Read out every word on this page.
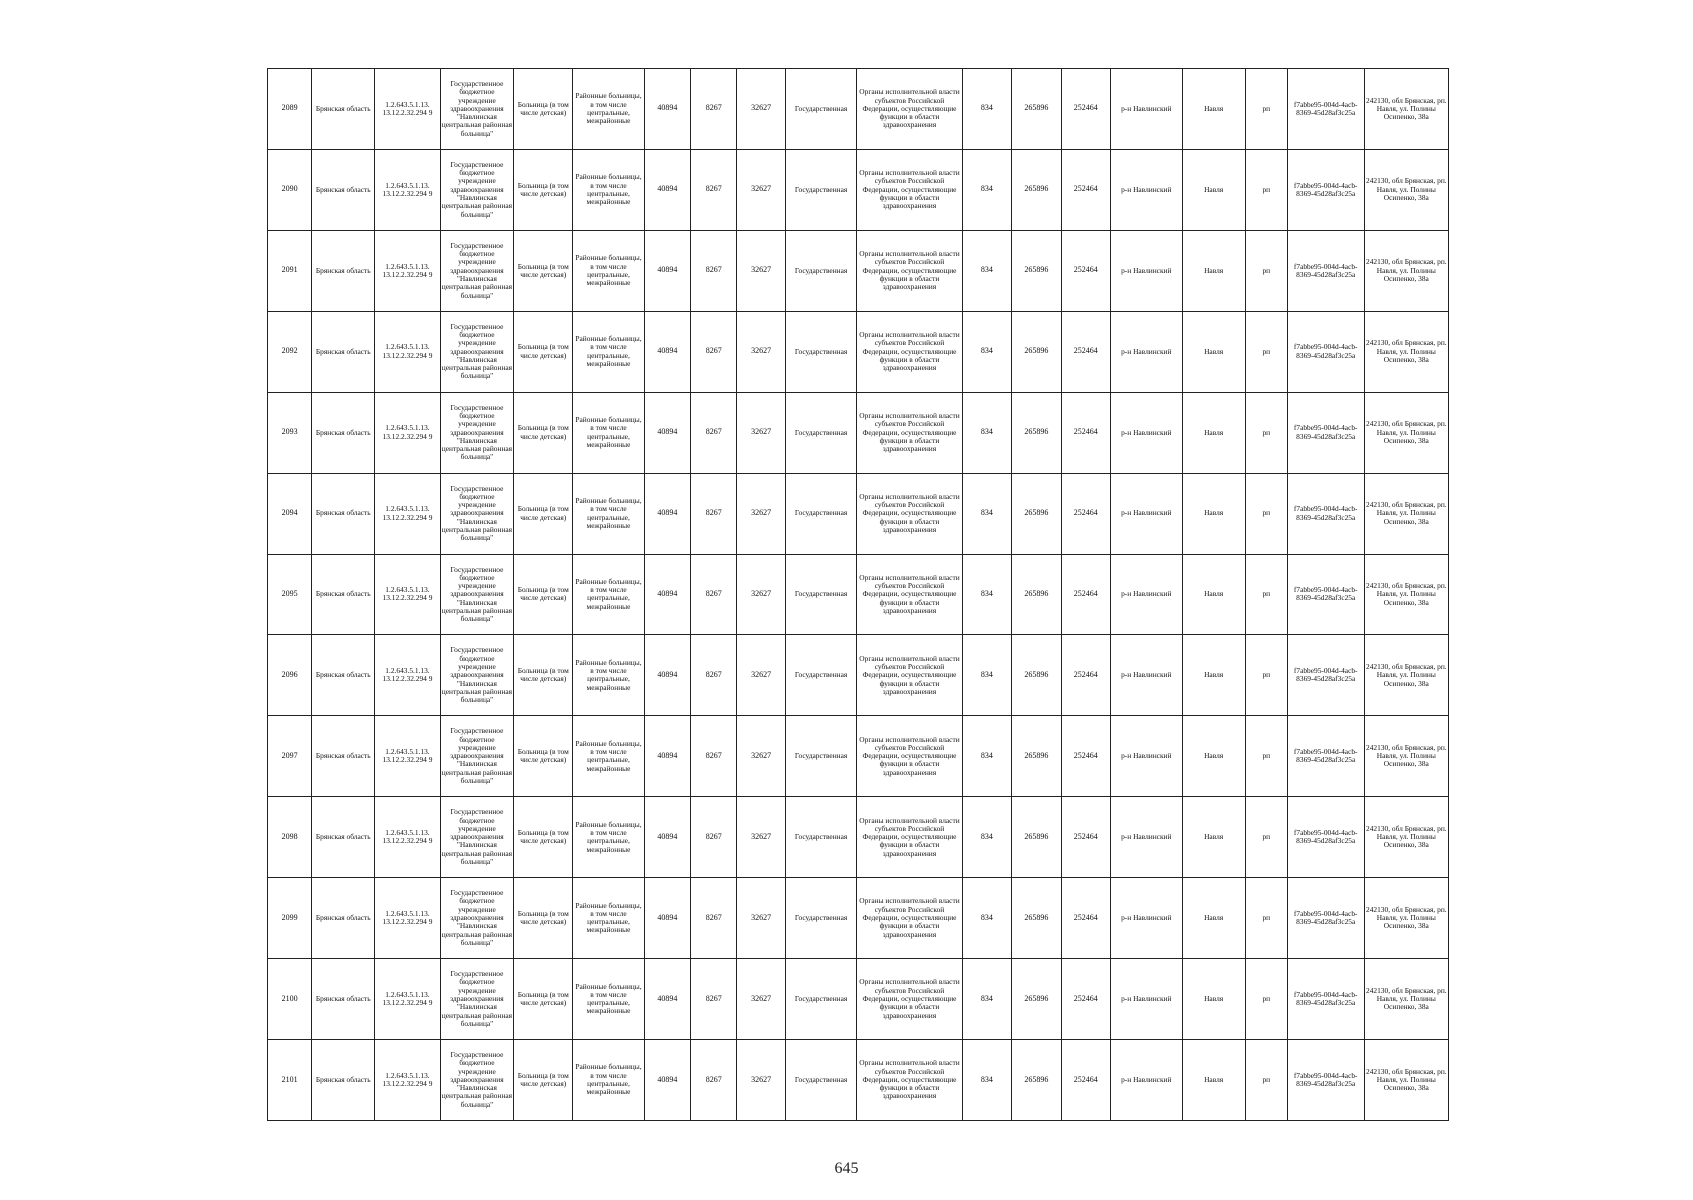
2089	Брянская область	1.2.643.5.1.13. 13.12.2.32.294 9	Государственное бюджетное учреждение здравоохранения "Навлинская центральная районная больница"	Больница (в том числе детская)	Районные больницы, в том числе центральные, межрайонные	40894	8267	32627	Государственная	Органы исполнительной власти субъектов Российской Федерации, осуществляющие функции в области здравоохранения	834	265896	252464	р-н Навлинский	Навля	рп	f7abbe95-004d-4acb-8369-45d28af3c25a	242130, обл Брянская, рп. Навля, ул. Полины Осипенко, 38а
2090	Брянская область	1.2.643.5.1.13. 13.12.2.32.294 9	Государственное бюджетное учреждение здравоохранения "Навлинская центральная районная больница"	Больница (в том числе детская)	Районные больницы, в том числе центральные, межрайонные	40894	8267	32627	Государственная	Органы исполнительной власти субъектов Российской Федерации, осуществляющие функции в области здравоохранения	834	265896	252464	р-н Навлинский	Навля	рп	f7abbe95-004d-4acb-8369-45d28af3c25a	242130, обл Брянская, рп. Навля, ул. Полины Осипенко, 38а
2091	Брянская область	1.2.643.5.1.13. 13.12.2.32.294 9	Государственное бюджетное учреждение здравоохранения "Навлинская центральная районная больница"	Больница (в том числе детская)	Районные больницы, в том числе центральные, межрайонные	40894	8267	32627	Государственная	Органы исполнительной власти субъектов Российской Федерации, осуществляющие функции в области здравоохранения	834	265896	252464	р-н Навлинский	Навля	рп	f7abbe95-004d-4acb-8369-45d28af3c25a	242130, обл Брянская, рп. Навля, ул. Полины Осипенко, 38а
2092	Брянская область	1.2.643.5.1.13. 13.12.2.32.294 9	Государственное бюджетное учреждение здравоохранения "Навлинская центральная районная больница"	Больница (в том числе детская)	Районные больницы, в том числе центральные, межрайонные	40894	8267	32627	Государственная	Органы исполнительной власти субъектов Российской Федерации, осуществляющие функции в области здравоохранения	834	265896	252464	р-н Навлинский	Навля	рп	f7abbe95-004d-4acb-8369-45d28af3c25a	242130, обл Брянская, рп. Навля, ул. Полины Осипенко, 38а
2093	Брянская область	1.2.643.5.1.13. 13.12.2.32.294 9	Государственное бюджетное учреждение здравоохранения "Навлинская центральная районная больница"	Больница (в том числе детская)	Районные больницы, в том числе центральные, межрайонные	40894	8267	32627	Государственная	Органы исполнительной власти субъектов Российской Федерации, осуществляющие функции в области здравоохранения	834	265896	252464	р-н Навлинский	Навля	рп	f7abbe95-004d-4acb-8369-45d28af3c25a	242130, обл Брянская, рп. Навля, ул. Полины Осипенко, 38а
2094	Брянская область	1.2.643.5.1.13. 13.12.2.32.294 9	Государственное бюджетное учреждение здравоохранения "Навлинская центральная районная больница"	Больница (в том числе детская)	Районные больницы, в том числе центральные, межрайонные	40894	8267	32627	Государственная	Органы исполнительной власти субъектов Российской Федерации, осуществляющие функции в области здравоохранения	834	265896	252464	р-н Навлинский	Навля	рп	f7abbe95-004d-4acb-8369-45d28af3c25a	242130, обл Брянская, рп. Навля, ул. Полины Осипенко, 38а
2095	Брянская область	1.2.643.5.1.13. 13.12.2.32.294 9	Государственное бюджетное учреждение здравоохранения "Навлинская центральная районная больница"	Больница (в том числе детская)	Районные больницы, в том числе центральные, межрайонные	40894	8267	32627	Государственная	Органы исполнительной власти субъектов Российской Федерации, осуществляющие функции в области здравоохранения	834	265896	252464	р-н Навлинский	Навля	рп	f7abbe95-004d-4acb-8369-45d28af3c25a	242130, обл Брянская, рп. Навля, ул. Полины Осипенко, 38а
2096	Брянская область	1.2.643.5.1.13. 13.12.2.32.294 9	Государственное бюджетное учреждение здравоохранения "Навлинская центральная районная больница"	Больница (в том числе детская)	Районные больницы, в том числе центральные, межрайонные	40894	8267	32627	Государственная	Органы исполнительной власти субъектов Российской Федерации, осуществляющие функции в области здравоохранения	834	265896	252464	р-н Навлинский	Навля	рп	f7abbe95-004d-4acb-8369-45d28af3c25a	242130, обл Брянская, рп. Навля, ул. Полины Осипенко, 38а
2097	Брянская область	1.2.643.5.1.13. 13.12.2.32.294 9	Государственное бюджетное учреждение здравоохранения "Навлинская центральная районная больница"	Больница (в том числе детская)	Районные больницы, в том числе центральные, межрайонные	40894	8267	32627	Государственная	Органы исполнительной власти субъектов Российской Федерации, осуществляющие функции в области здравоохранения	834	265896	252464	р-н Навлинский	Навля	рп	f7abbe95-004d-4acb-8369-45d28af3c25a	242130, обл Брянская, рп. Навля, ул. Полины Осипенко, 38а
2098	Брянская область	1.2.643.5.1.13. 13.12.2.32.294 9	Государственное бюджетное учреждение здравоохранения "Навлинская центральная районная больница"	Больница (в том числе детская)	Районные больницы, в том числе центральные, межрайонные	40894	8267	32627	Государственная	Органы исполнительной власти субъектов Российской Федерации, осуществляющие функции в области здравоохранения	834	265896	252464	р-н Навлинский	Навля	рп	f7abbe95-004d-4acb-8369-45d28af3c25a	242130, обл Брянская, рп. Навля, ул. Полины Осипенко, 38а
2099	Брянская область	1.2.643.5.1.13. 13.12.2.32.294 9	Государственное бюджетное учреждение здравоохранения "Навлинская центральная районная больница"	Больница (в том числе детская)	Районные больницы, в том числе центральные, межрайонные	40894	8267	32627	Государственная	Органы исполнительной власти субъектов Российской Федерации, осуществляющие функции в области здравоохранения	834	265896	252464	р-н Навлинский	Навля	рп	f7abbe95-004d-4acb-8369-45d28af3c25a	242130, обл Брянская, рп. Навля, ул. Полины Осипенко, 38а
2100	Брянская область	1.2.643.5.1.13. 13.12.2.32.294 9	Государственное бюджетное учреждение здравоохранения "Навлинская центральная районная больница"	Больница (в том числе детская)	Районные больницы, в том числе центральные, межрайонные	40894	8267	32627	Государственная	Органы исполнительной власти субъектов Российской Федерации, осуществляющие функции в области здравоохранения	834	265896	252464	р-н Навлинский	Навля	рп	f7abbe95-004d-4acb-8369-45d28af3c25a	242130, обл Брянская, рп. Навля, ул. Полины Осипенко, 38а
2101	Брянская область	1.2.643.5.1.13. 13.12.2.32.294 9	Государственное бюджетное учреждение здравоохранения "Навлинская центральная районная больница"	Больница (в том числе детская)	Районные больницы, в том числе центральные, межрайонные	40894	8267	32627	Государственная	Органы исполнительной власти субъектов Российской Федерации, осуществляющие функции в области здравоохранения	834	265896	252464	р-н Навлинский	Навля	рп	f7abbe95-004d-4acb-8369-45d28af3c25a	242130, обл Брянская, рп. Навля, ул. Полины Осипенко, 38а
645
